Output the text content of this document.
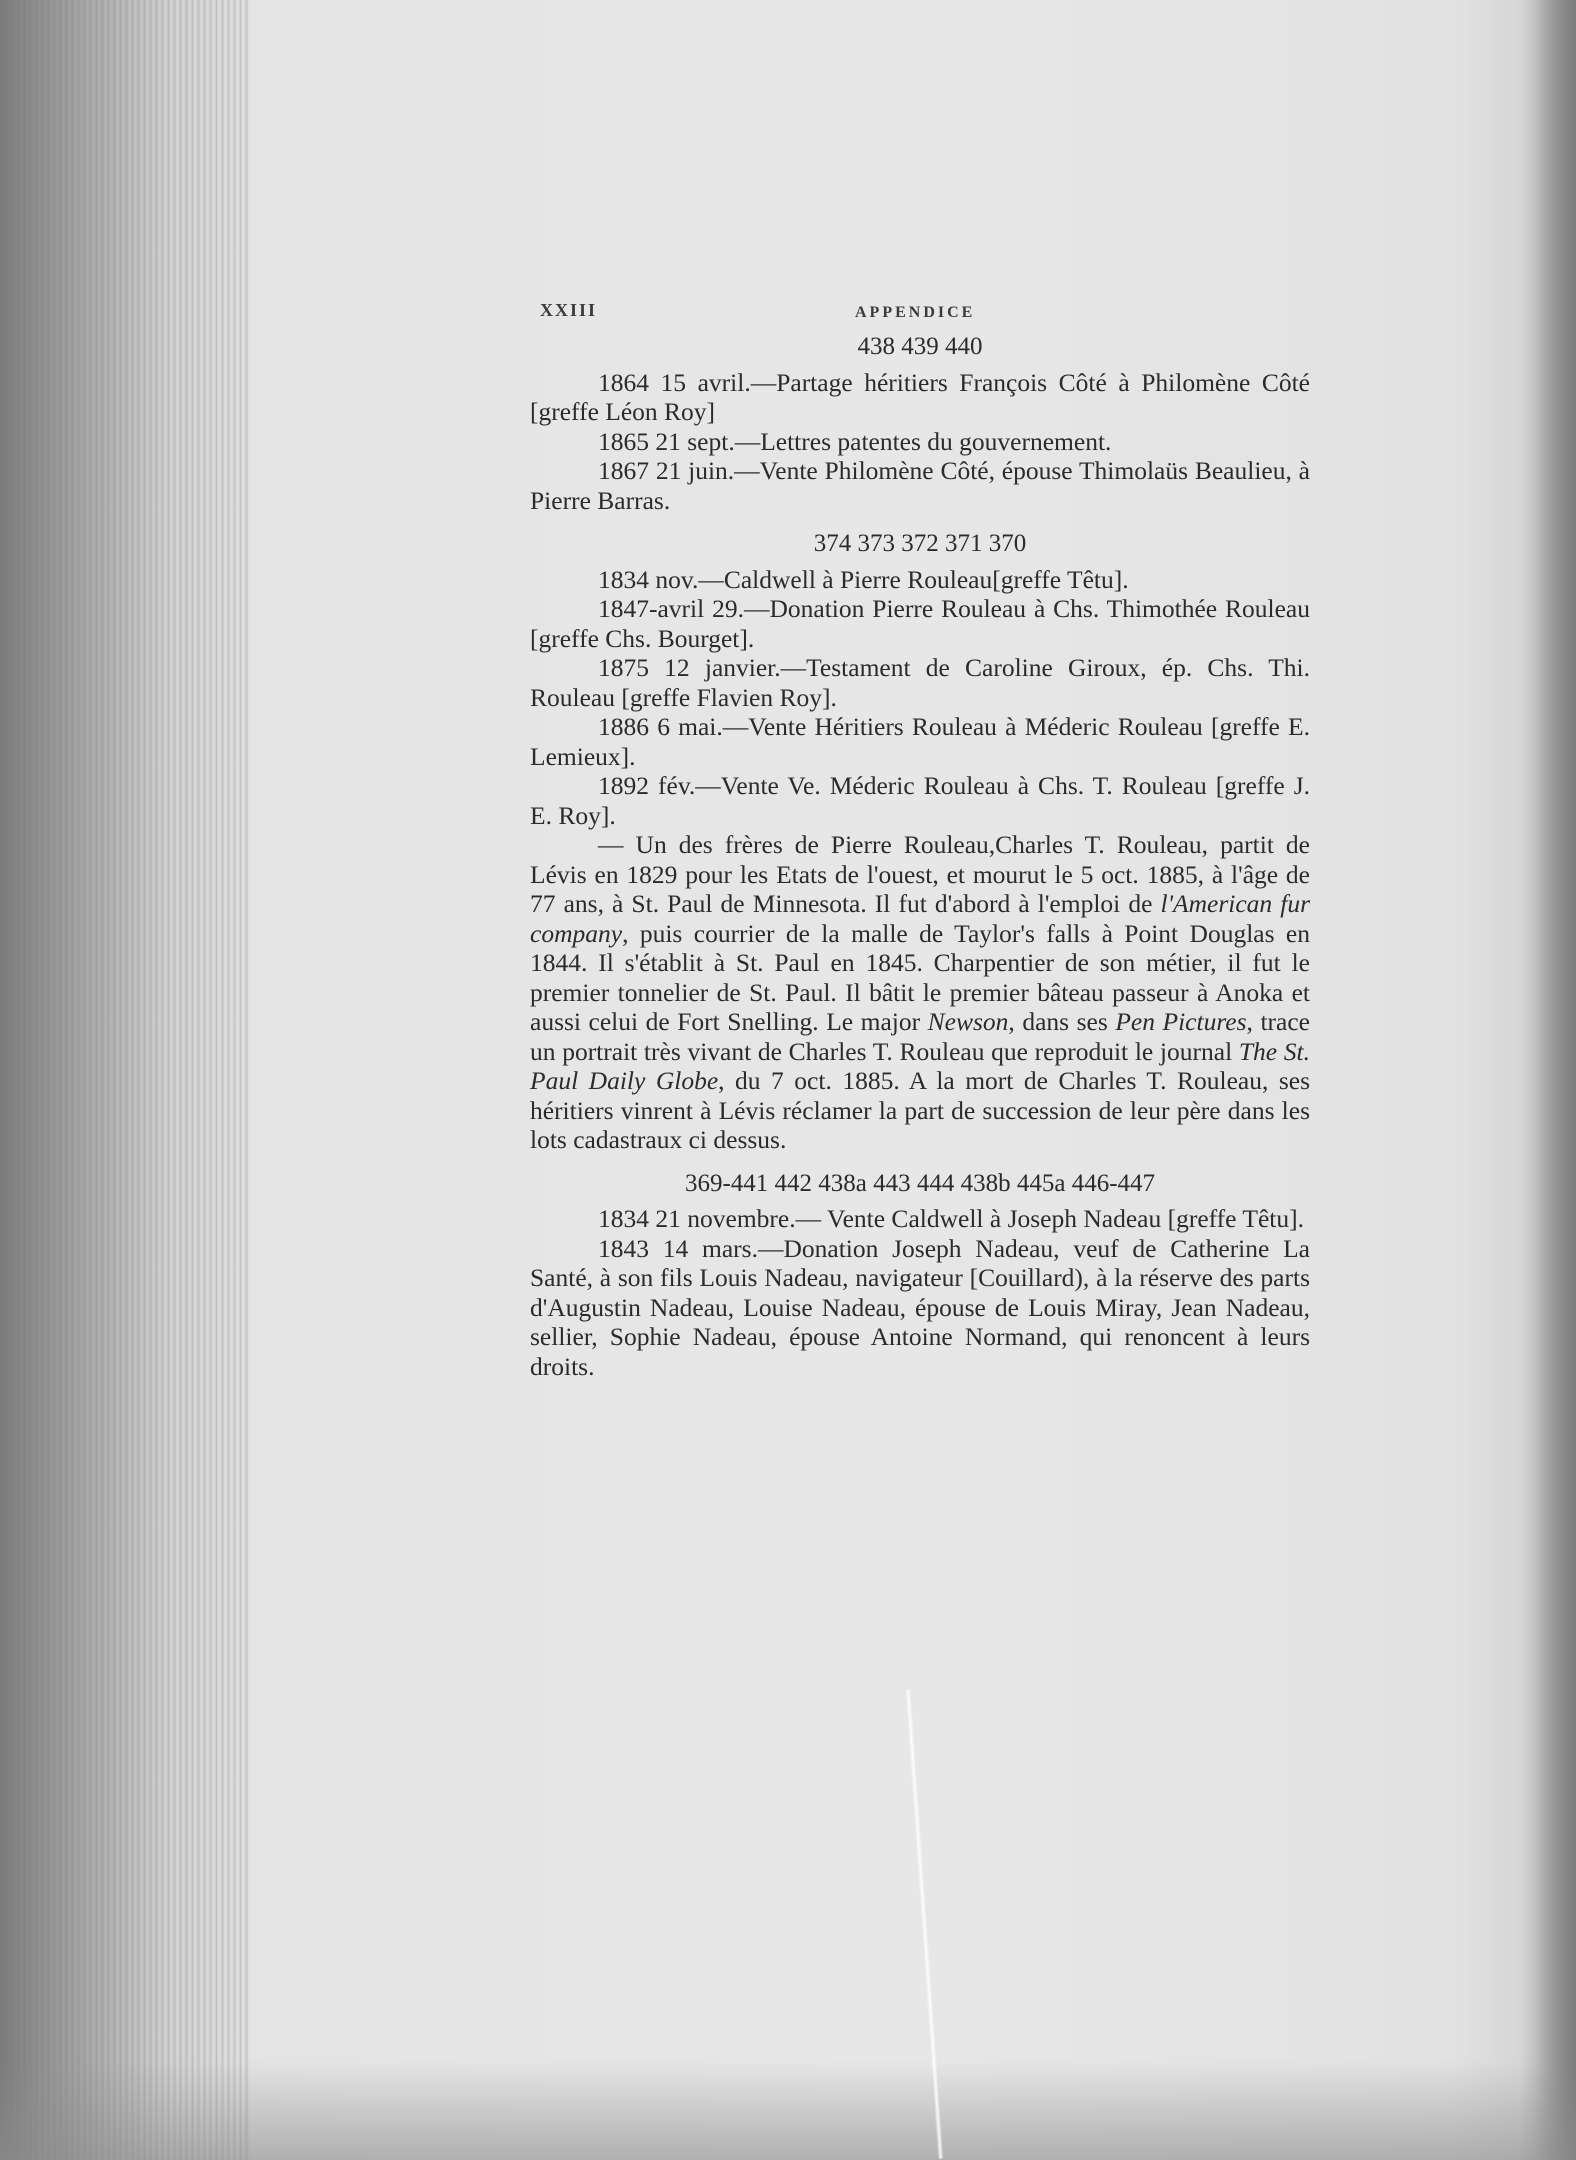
XXIII	APPENDICE
438 439 440

1864 15 avril.—Partage héritiers François Côté à Philomène Côté [greffe Léon Roy]

1865 21 sept.—Lettres patentes du gouvernement.

1867 21 juin.—Vente Philomène Côté, épouse Thimolaüs Beaulieu, à Pierre Barras.

374 373 372 371 370

1834 nov.—Caldwell à Pierre Rouleau[greffe Têtu].

1847-avril 29.—Donation Pierre Rouleau à Chs. Thimothée Rouleau [greffe Chs. Bourget].

1875 12 janvier.—Testament de Caroline Giroux, ép. Chs. Thi. Rouleau [greffe Flavien Roy].

1886 6 mai.—Vente Héritiers Rouleau à Méderic Rouleau [greffe E. Lemieux].

1892 fév.—Vente Ve. Méderic Rouleau à Chs. T. Rouleau [greffe J. E. Roy].

— Un des frères de Pierre Rouleau,Charles T. Rouleau, partit de Lévis en 1829 pour les Etats de l'ouest, et mourut le 5 oct. 1885, à l'âge de 77 ans, à St. Paul de Minnesota. Il fut d'abord à l'emploi de l'American fur company, puis courrier de la malle de Taylor's falls à Point Douglas en 1844. Il s'établit à St. Paul en 1845. Charpentier de son métier, il fut le premier tonnelier de St. Paul. Il bâtit le premier bâteau passeur à Anoka et aussi celui de Fort Snelling. Le major Newson, dans ses Pen Pictures, trace un portrait très vivant de Charles T. Rouleau que reproduit le journal The St. Paul Daily Globe, du 7 oct. 1885. A la mort de Charles T. Rouleau, ses héritiers vinrent à Lévis réclamer la part de succession de leur père dans les lots cadastraux ci dessus.

369-441 442 438a 443 444 438b 445a 446-447

1834 21 novembre.— Vente Caldwell à Joseph Nadeau [greffe Têtu].

1843 14 mars.—Donation Joseph Nadeau, veuf de Catherine La Santé, à son fils Louis Nadeau, navigateur [Couillard), à la réserve des parts d'Augustin Nadeau, Louise Nadeau, épouse de Louis Miray, Jean Nadeau, sellier, Sophie Nadeau, épouse Antoine Normand, qui renoncent à leurs droits.
